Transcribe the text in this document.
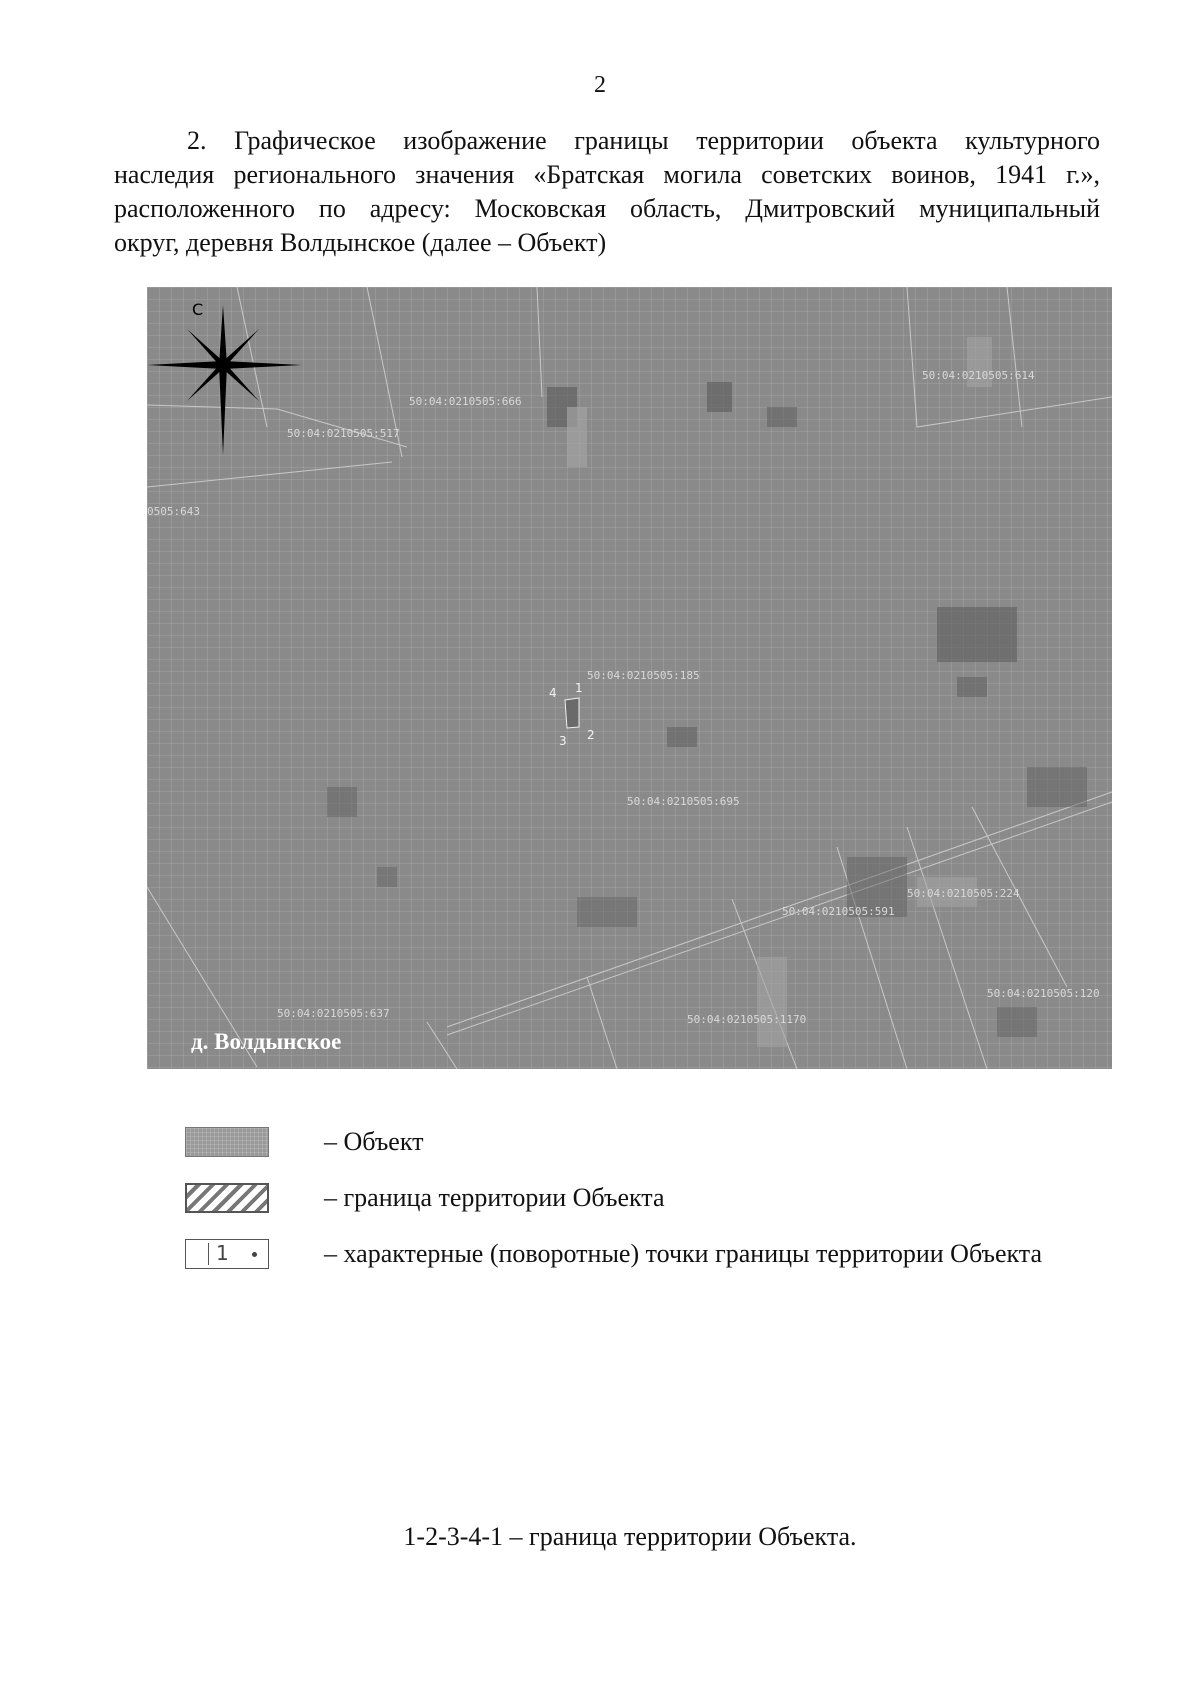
2
2. Графическое изображение границы территории объекта культурного
наследия регионального значения «Братская могила советских воинов, 1941 г.»,
расположенного по адресу: Московская область, Дмитровский муниципальный
округ, деревня Волдынское (далее – Объект)
50:04:0210505:666
50:04:0210505:517
0505:643
50:04:0210505:614
50:04:0210505:185
50:04:0210505:695
50:04:0210505:591
50:04:0210505:224
50:04:0210505:1170
50:04:0210505:637
50:04:0210505:120
1
2
3
4
С
д. Волдынское
– Объект
– граница территории Объекта
1	– характерные (поворотные) точки границы территории Объекта
1-2-3-4-1 – граница территории Объекта.
